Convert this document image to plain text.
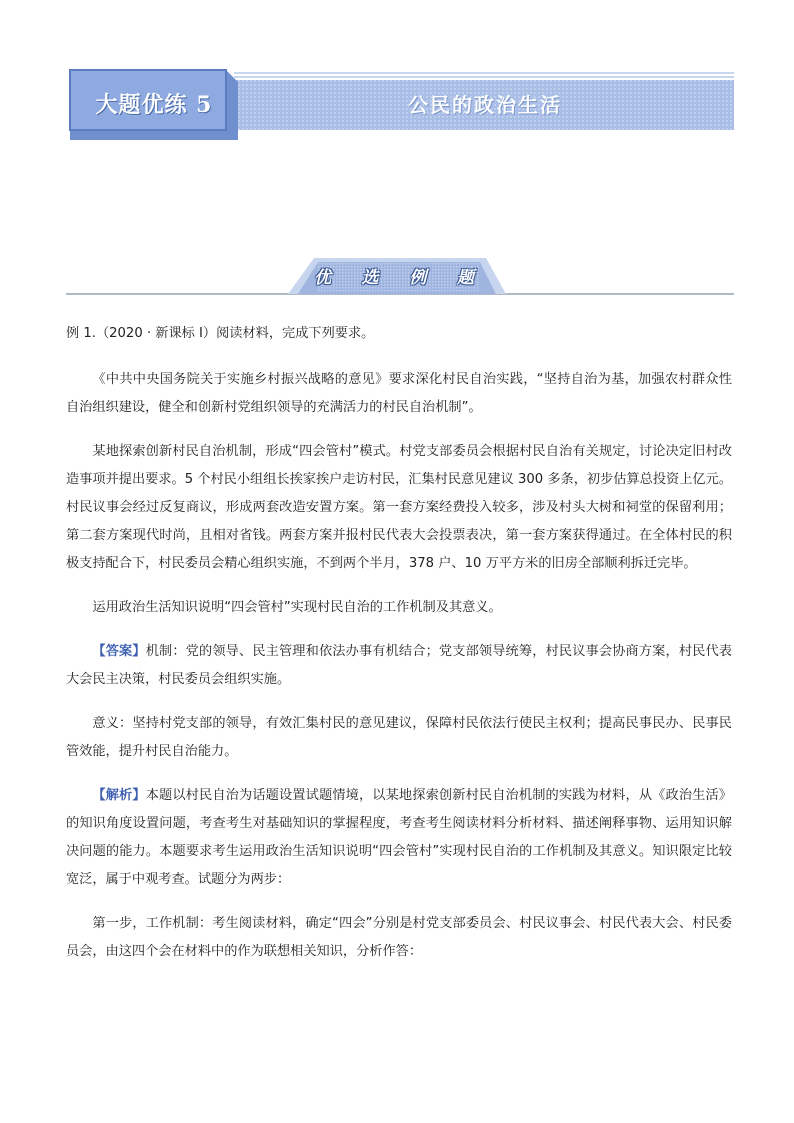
大题优练 5	公民的政治生活
优 选 例 题

例 1.（2020 · 新课标 I）阅读材料，完成下列要求。

《中共中央国务院关于实施乡村振兴战略的意见》要求深化村民自治实践，“坚持自治为基，加强农村群众性自治组织建设，健全和创新村党组织领导的充满活力的村民自治机制”。

某地探索创新村民自治机制，形成“四会管村”模式。村党支部委员会根据村民自治有关规定，讨论决定旧村改造事项并提出要求。5 个村民小组组长挨家挨户走访村民，汇集村民意见建议 300 多条，初步估算总投资上亿元。村民议事会经过反复商议，形成两套改造安置方案。第一套方案经费投入较多，涉及村头大树和祠堂的保留利用；第二套方案现代时尚，且相对省钱。两套方案并报村民代表大会投票表决，第一套方案获得通过。在全体村民的积极支持配合下，村民委员会精心组织实施，不到两个半月，378 户、10 万平方米的旧房全部顺利拆迁完毕。

运用政治生活知识说明“四会管村”实现村民自治的工作机制及其意义。

【答案】机制：党的领导、民主管理和依法办事有机结合；党支部领导统筹，村民议事会协商方案，村民代表大会民主决策，村民委员会组织实施。

意义：坚持村党支部的领导，有效汇集村民的意见建议，保障村民依法行使民主权利；提高民事民办、民事民管效能，提升村民自治能力。

【解析】本题以村民自治为话题设置试题情境，以某地探索创新村民自治机制的实践为材料，从《政治生活》的知识角度设置问题，考查考生对基础知识的掌握程度，考查考生阅读材料分析材料、描述阐释事物、运用知识解决问题的能力。本题要求考生运用政治生活知识说明“四会管村”实现村民自治的工作机制及其意义。知识限定比较宽泛，属于中观考查。试题分为两步：

第一步，工作机制：考生阅读材料，确定“四会”分别是村党支部委员会、村民议事会、村民代表大会、村民委员会，由这四个会在材料中的作为联想相关知识，分析作答：
